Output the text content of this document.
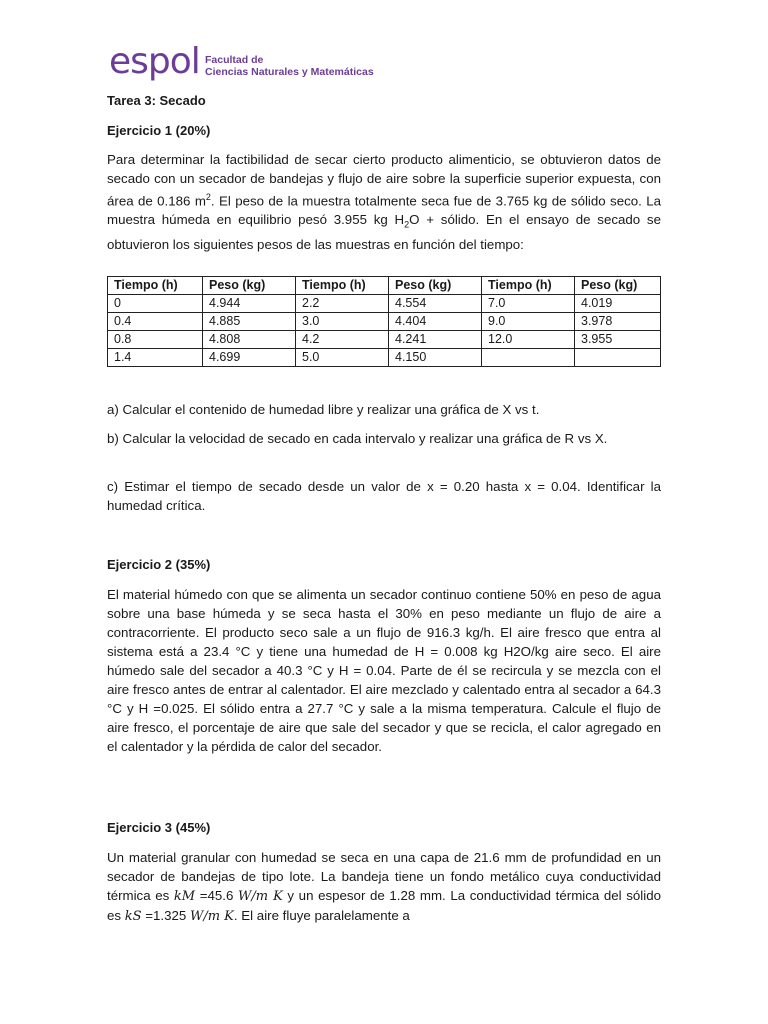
espol Facultad de
Ciencias Naturales y Matemáticas
Tarea 3: Secado
Ejercicio 1 (20%)

Para determinar la factibilidad de secar cierto producto alimenticio, se obtuvieron datos de secado con un secador de bandejas y flujo de aire sobre la superficie superior expuesta, con área de 0.186 $m^2$. El peso de la muestra totalmente seca fue de 3.765 kg de sólido seco. La muestra húmeda en equilibrio pesó 3.955 kg $H_2O$ + sólido. En el ensayo de secado se obtuvieron los siguientes pesos de las muestras en función del tiempo:

Tiempo (h)	Peso (kg)	Tiempo (h)	Peso (kg)	Tiempo (h)	Peso (kg)
0	4.944	2.2	4.554	7.0	4.019
0.4	4.885	3.0	4.404	9.0	3.978
0.8	4.808	4.2	4.241	12.0	3.955
1.4	4.699	5.0	4.150		

a) Calcular el contenido de humedad libre y realizar una gráfica de X vs t.

b) Calcular la velocidad de secado en cada intervalo y realizar una gráfica de R vs X.

c) Estimar el tiempo de secado desde un valor de x = 0.20 hasta x = 0.04. Identificar la humedad crítica.

Ejercicio 2 (35%)

El material húmedo con que se alimenta un secador continuo contiene 50% en peso de agua sobre una base húmeda y se seca hasta el 30% en peso mediante un flujo de aire a contracorriente. El producto seco sale a un flujo de 916.3 kg/h. El aire fresco que entra al sistema está a 23.4 °C y tiene una humedad de H = 0.008 kg H2O/kg aire seco. El aire húmedo sale del secador a 40.3 °C y H = 0.04. Parte de él se recircula y se mezcla con el aire fresco antes de entrar al calentador. El aire mezclado y calentado entra al secador a 64.3 °C y H =0.025. El sólido entra a 27.7 °C y sale a la misma temperatura. Calcule el flujo de aire fresco, el porcentaje de aire que sale del secador y que se recicla, el calor agregado en el calentador y la pérdida de calor del secador.

Ejercicio 3 (45%)

Un material granular con humedad se seca en una capa de 21.6 mm de profundidad en un secador de bandejas de tipo lote. La bandeja tiene un fondo metálico cuya conductividad térmica es kM =45.6 W/m K y un espesor de 1.28 mm. La conductividad térmica del sólido es kS =1.325 W/m K. El aire fluye paralelamente a
